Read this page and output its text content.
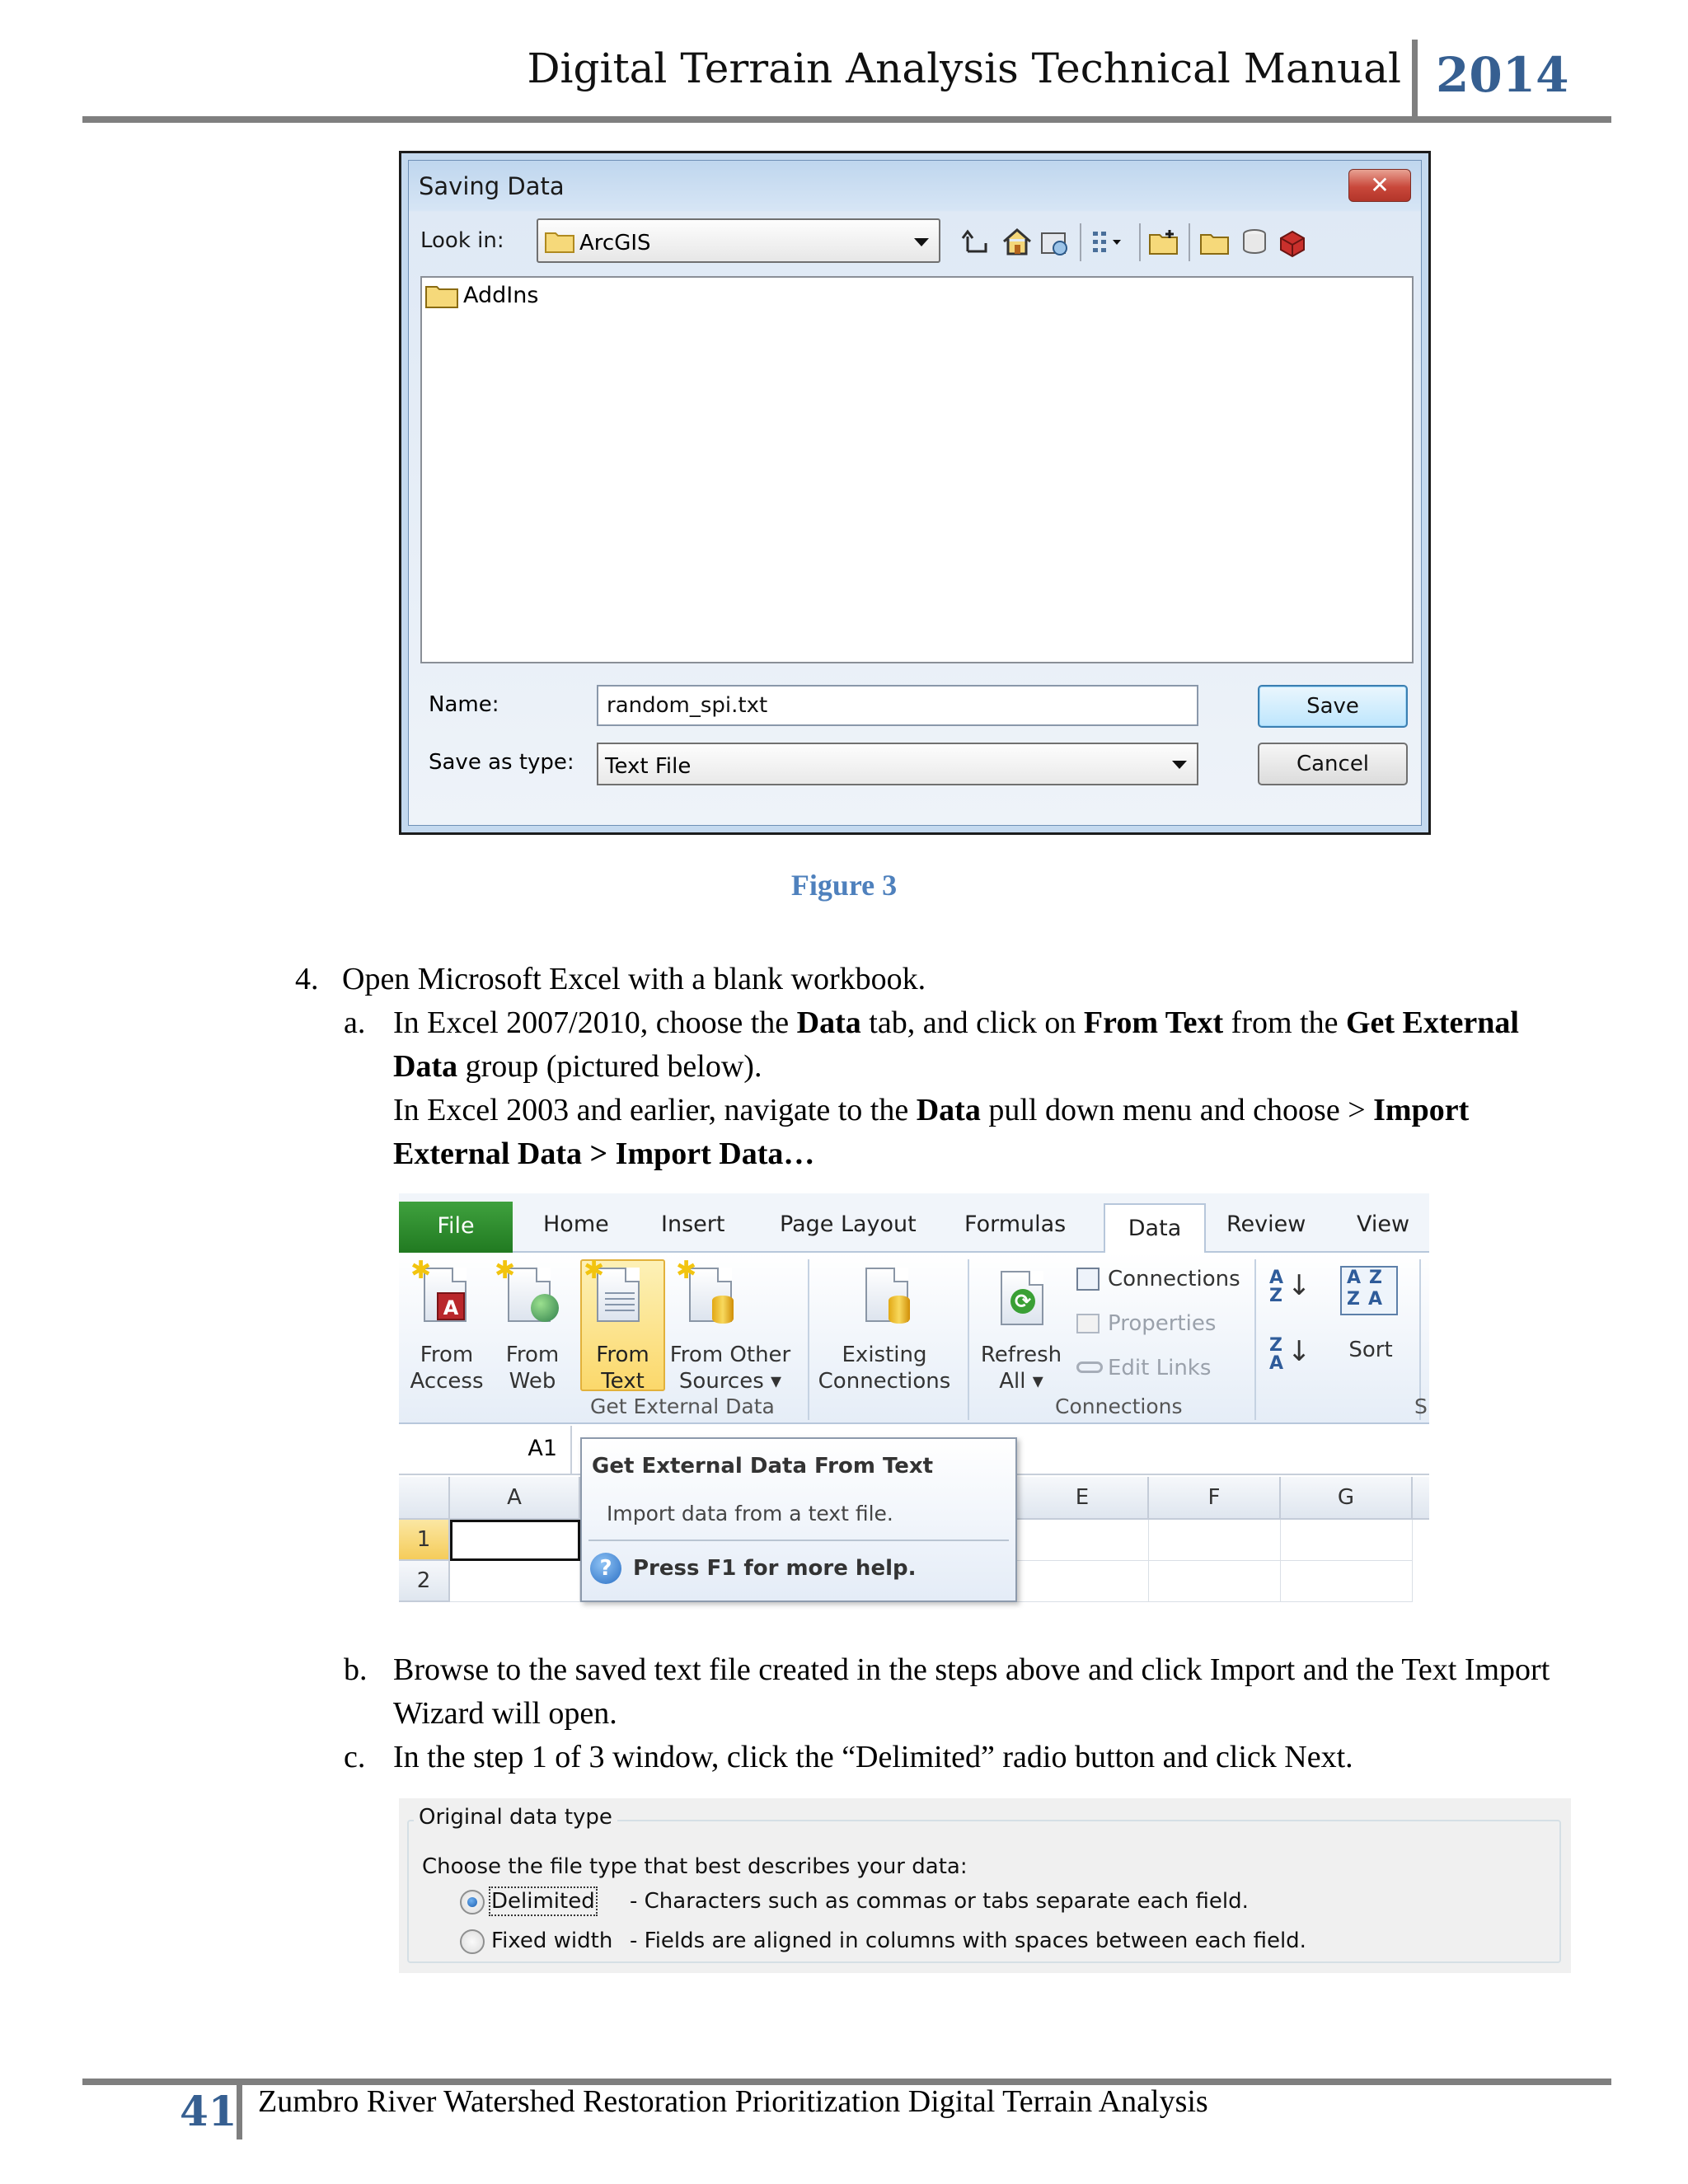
Digital Terrain Analysis Technical Manual 2014
Saving Data	✕
Look in:	ArcGIS
AddIns
Name:
random_spi.txt	Save
Save as type: Text File	Cancel
Figure 3
4. Open Microsoft Excel with a blank workbook.
a. In Excel 2007/2010, choose the Data tab, and click on From Text from the Get External Data group (pictured below).
In Excel 2003 and earlier, navigate to the Data pull down menu and choose > Import External Data > Import Data…
File	Home Insert Page Layout Formulas	Data	Review View
✱
A
From
Access
✱
From
Web
✱
From
Text
✱
From Other
Sources ▾
Existing
Connections
⟳
Refresh
All ▾
Connections
Properties
Edit Links
A
Z ↓
Z
A ↓
AZ
ZA
Sort
Get External Data	Connections	S
A1
A	E	F	G
1
2
Get External Data From Text
Import data from a text file.
? Press F1 for more help.
b. Browse to the saved text file created in the steps above and click Import and the Text Import Wizard will open.
c. In the step 1 of 3 window, click the “Delimited” radio button and click Next.
Original data type
Choose the file type that best describes your data:
Delimited - Characters such as commas or tabs separate each field.
Fixed width - Fields are aligned in columns with spaces between each field.
41 Zumbro River Watershed Restoration Prioritization Digital Terrain Analysis
